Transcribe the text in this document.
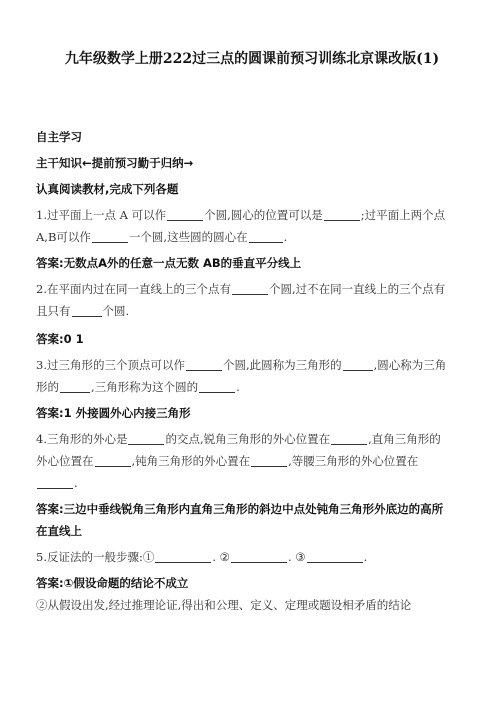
九年级数学上册222过三点的圆课前预习训练北京课改版(1)

自主学习

主干知识←提前预习勤于归纳→

认真阅读教材,完成下列各题

1.过平面上一点 A 可以作	个圆,圆心的位置可以是	;过平面上两个点

A,B可以作	一个圆,这些圆的圆心在	.

答案:无数点A外的任意一点无数 AB的垂直平分线上

2.在平面内过在同一直线上的三个点有	个圆,过不在同一直线上的三个点有

且只有	个圆.

答案:0 1

3.过三角形的三个顶点可以作	个圆,此圆称为三角形的	,圆心称为三角

形的	,三角形称为这个圆的	.

答案:1 外接圆外心内接三角形

4.三角形的外心是	的交点,锐角三角形的外心位置在	,直角三角形的

外心位置在	,钝角三角形的外心置在	,等腰三角形的外心位置在

.

答案:三边中垂线锐角三角形内直角三角形的斜边中点处钝角三角形外底边的高所

在直线上

5.反证法的一般步骤:①	. ②	. ③	.

答案:①假设命题的结论不成立

②从假设出发,经过推理论证,得出和公理、定义、定理或题设相矛盾的结论
